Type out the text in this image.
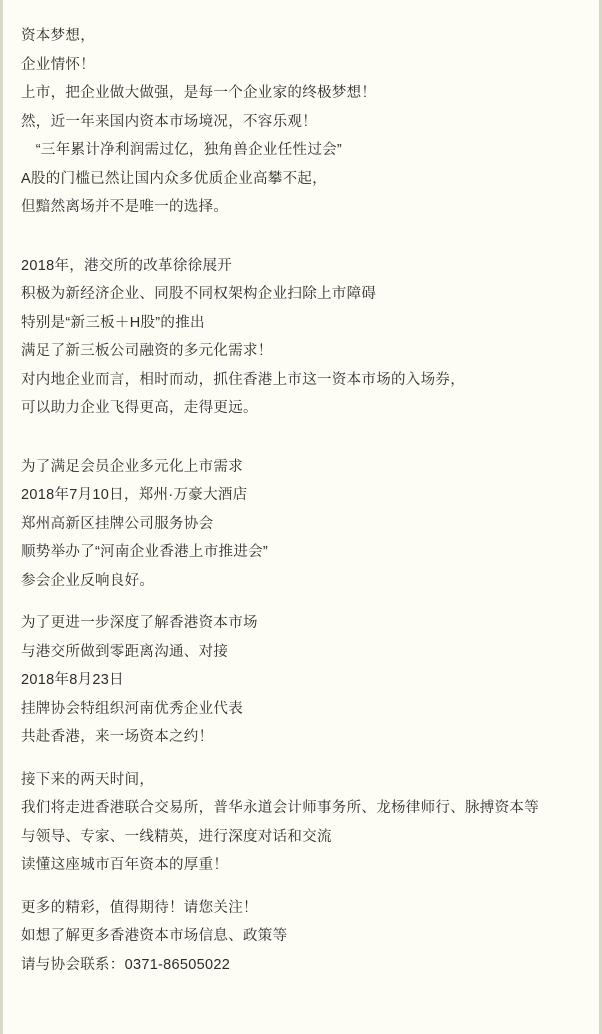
资本梦想，
企业情怀！
上市，把企业做大做强，是每一个企业家的终极梦想！
然，近一年来国内资本市场境况，不容乐观！
　“三年累计净利润需过亿，独角兽企业任性过会”
A股的门槛已然让国内众多优质企业高攀不起，
但黯然离场并不是唯一的选择。
2018年，港交所的改革徐徐展开
积极为新经济企业、同股不同权架构企业扫除上市障碍
特别是“新三板＋H股”的推出
满足了新三板公司融资的多元化需求！
对内地企业而言，相时而动，抓住香港上市这一资本市场的入场券，
可以助力企业飞得更高，走得更远。
为了满足会员企业多元化上市需求
2018年7月10日，郑州·万豪大酒店
郑州高新区挂牌公司服务协会
顺势举办了“河南企业香港上市推进会”
参会企业反响良好。
为了更进一步深度了解香港资本市场
与港交所做到零距离沟通、对接
2018年8月23日
挂牌协会特组织河南优秀企业代表
共赴香港，来一场资本之约！
接下来的两天时间，
我们将走进香港联合交易所，普华永道会计师事务所、龙杨律师行、脉搏资本等
与领导、专家、一线精英，进行深度对话和交流
读懂这座城市百年资本的厚重！
更多的精彩，值得期待！请您关注！
如想了解更多香港资本市场信息、政策等
请与协会联系：0371-86505022
